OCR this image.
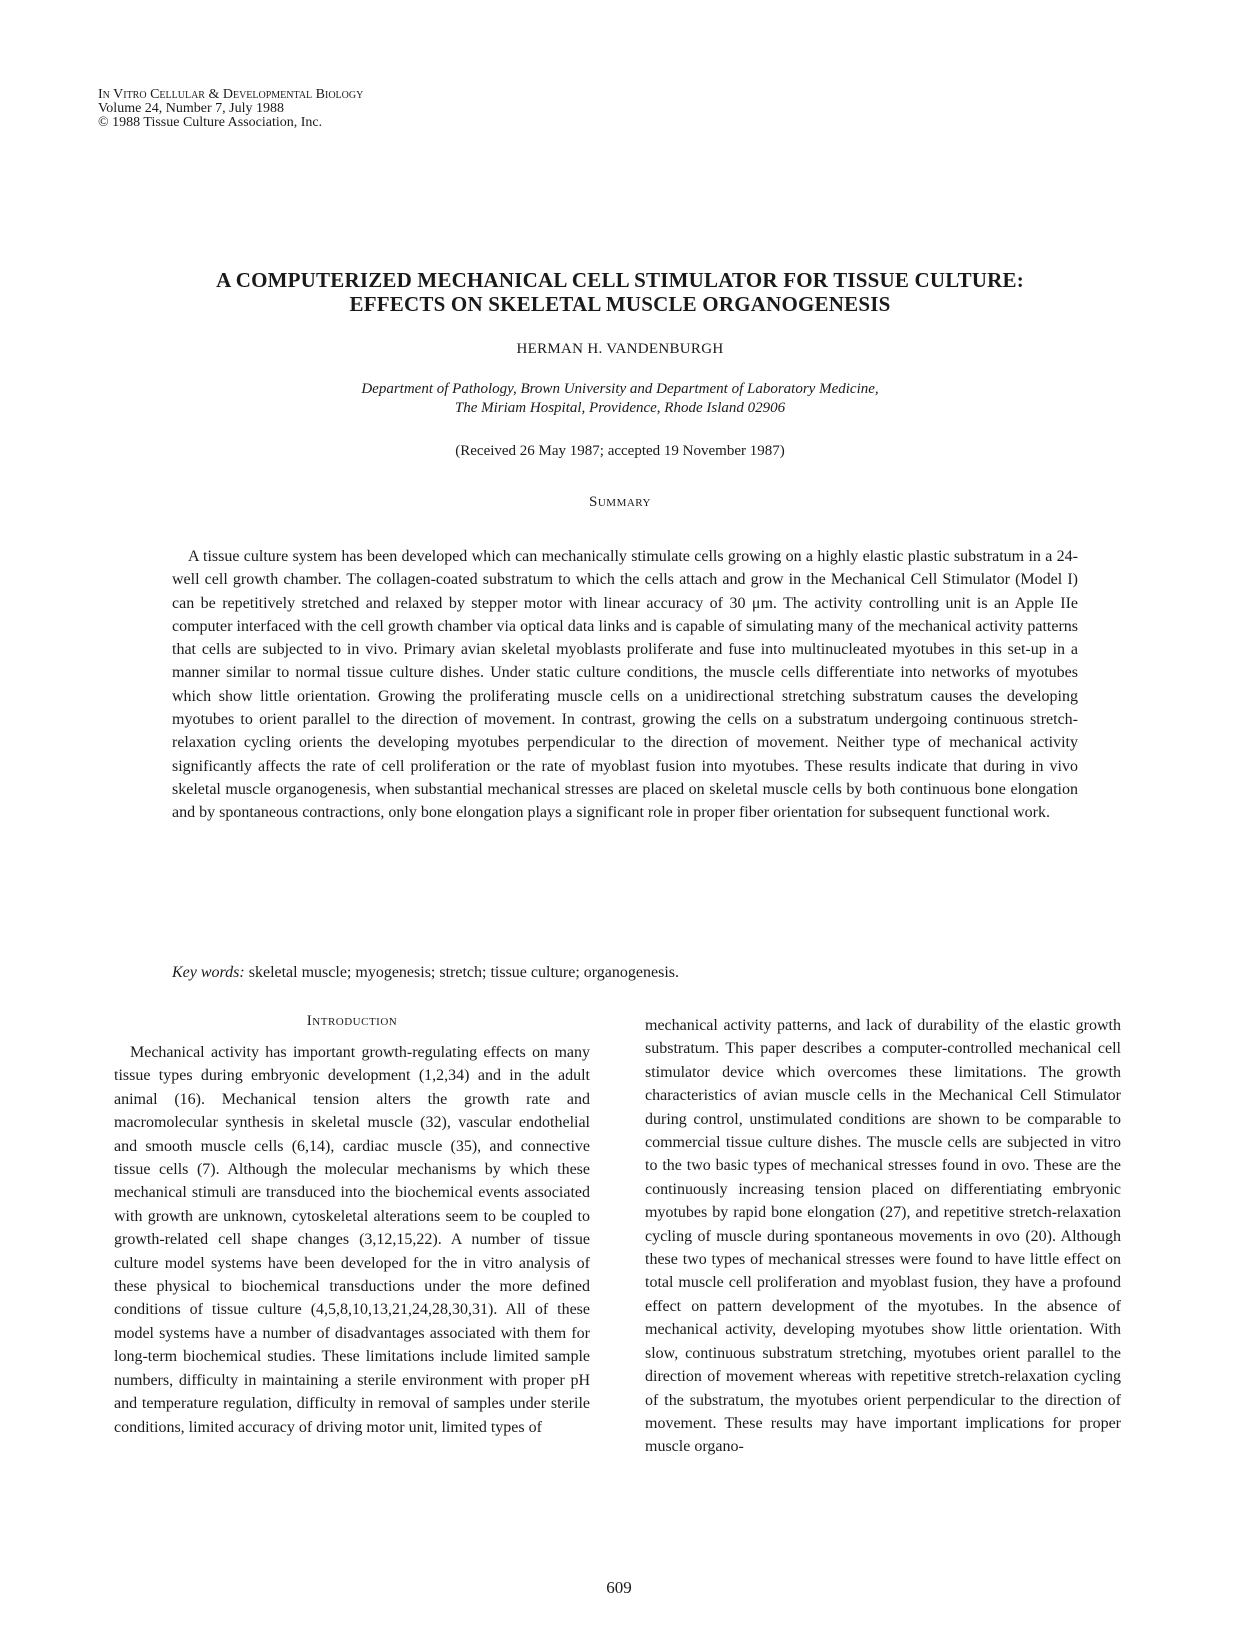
In Vitro Cellular & Developmental Biology
Volume 24, Number 7, July 1988
© 1988 Tissue Culture Association, Inc.

A COMPUTERIZED MECHANICAL CELL STIMULATOR FOR TISSUE CULTURE:
EFFECTS ON SKELETAL MUSCLE ORGANOGENESIS

HERMAN H. VANDENBURGH
Department of Pathology, Brown University and Department of Laboratory Medicine,
The Miriam Hospital, Providence, Rhode Island 02906
(Received 26 May 1987; accepted 19 November 1987)
Summary

A tissue culture system has been developed which can mechanically stimulate cells growing on a highly elastic plastic substratum in a 24-well cell growth chamber. The collagen-coated substratum to which the cells attach and grow in the Mechanical Cell Stimulator (Model I) can be repetitively stretched and relaxed by stepper motor with linear accuracy of 30 μm. The activity controlling unit is an Apple IIe computer interfaced with the cell growth chamber via optical data links and is capable of simulating many of the mechanical activity patterns that cells are subjected to in vivo. Primary avian skeletal myoblasts proliferate and fuse into multinucleated myotubes in this set-up in a manner similar to normal tissue culture dishes. Under static culture conditions, the muscle cells differentiate into networks of myotubes which show little orientation. Growing the proliferating muscle cells on a unidirectional stretching substratum causes the developing myotubes to orient parallel to the direction of movement. In contrast, growing the cells on a substratum undergoing continuous stretch-relaxation cycling orients the developing myotubes perpendicular to the direction of movement. Neither type of mechanical activity significantly affects the rate of cell proliferation or the rate of myoblast fusion into myotubes. These results indicate that during in vivo skeletal muscle organogenesis, when substantial mechanical stresses are placed on skeletal muscle cells by both continuous bone elongation and by spontaneous contractions, only bone elongation plays a significant role in proper fiber orientation for subsequent functional work.

Key words: skeletal muscle; myogenesis; stretch; tissue culture; organogenesis.
Introduction

Mechanical activity has important growth-regulating effects on many tissue types during embryonic development (1,2,34) and in the adult animal (16). Mechanical tension alters the growth rate and macromolecular synthesis in skeletal muscle (32), vascular endothelial and smooth muscle cells (6,14), cardiac muscle (35), and connective tissue cells (7). Although the molecular mechanisms by which these mechanical stimuli are transduced into the biochemical events associated with growth are unknown, cytoskeletal alterations seem to be coupled to growth-related cell shape changes (3,12,15,22). A number of tissue culture model systems have been developed for the in vitro analysis of these physical to biochemical transductions under the more defined conditions of tissue culture (4,5,8,10,13,21,24,28,30,31). All of these model systems have a number of disadvantages associated with them for long-term biochemical studies. These limitations include limited sample numbers, difficulty in maintaining a sterile environment with proper pH and temperature regulation, difficulty in removal of samples under sterile conditions, limited accuracy of driving motor unit, limited types of

mechanical activity patterns, and lack of durability of the elastic growth substratum. This paper describes a computer-controlled mechanical cell stimulator device which overcomes these limitations. The growth characteristics of avian muscle cells in the Mechanical Cell Stimulator during control, unstimulated conditions are shown to be comparable to commercial tissue culture dishes. The muscle cells are subjected in vitro to the two basic types of mechanical stresses found in ovo. These are the continuously increasing tension placed on differentiating embryonic myotubes by rapid bone elongation (27), and repetitive stretch-relaxation cycling of muscle during spontaneous movements in ovo (20). Although these two types of mechanical stresses were found to have little effect on total muscle cell proliferation and myoblast fusion, they have a profound effect on pattern development of the myotubes. In the absence of mechanical activity, developing myotubes show little orientation. With slow, continuous substratum stretching, myotubes orient parallel to the direction of movement whereas with repetitive stretch-relaxation cycling of the substratum, the myotubes orient perpendicular to the direction of movement. These results may have important implications for proper muscle organo-

609
